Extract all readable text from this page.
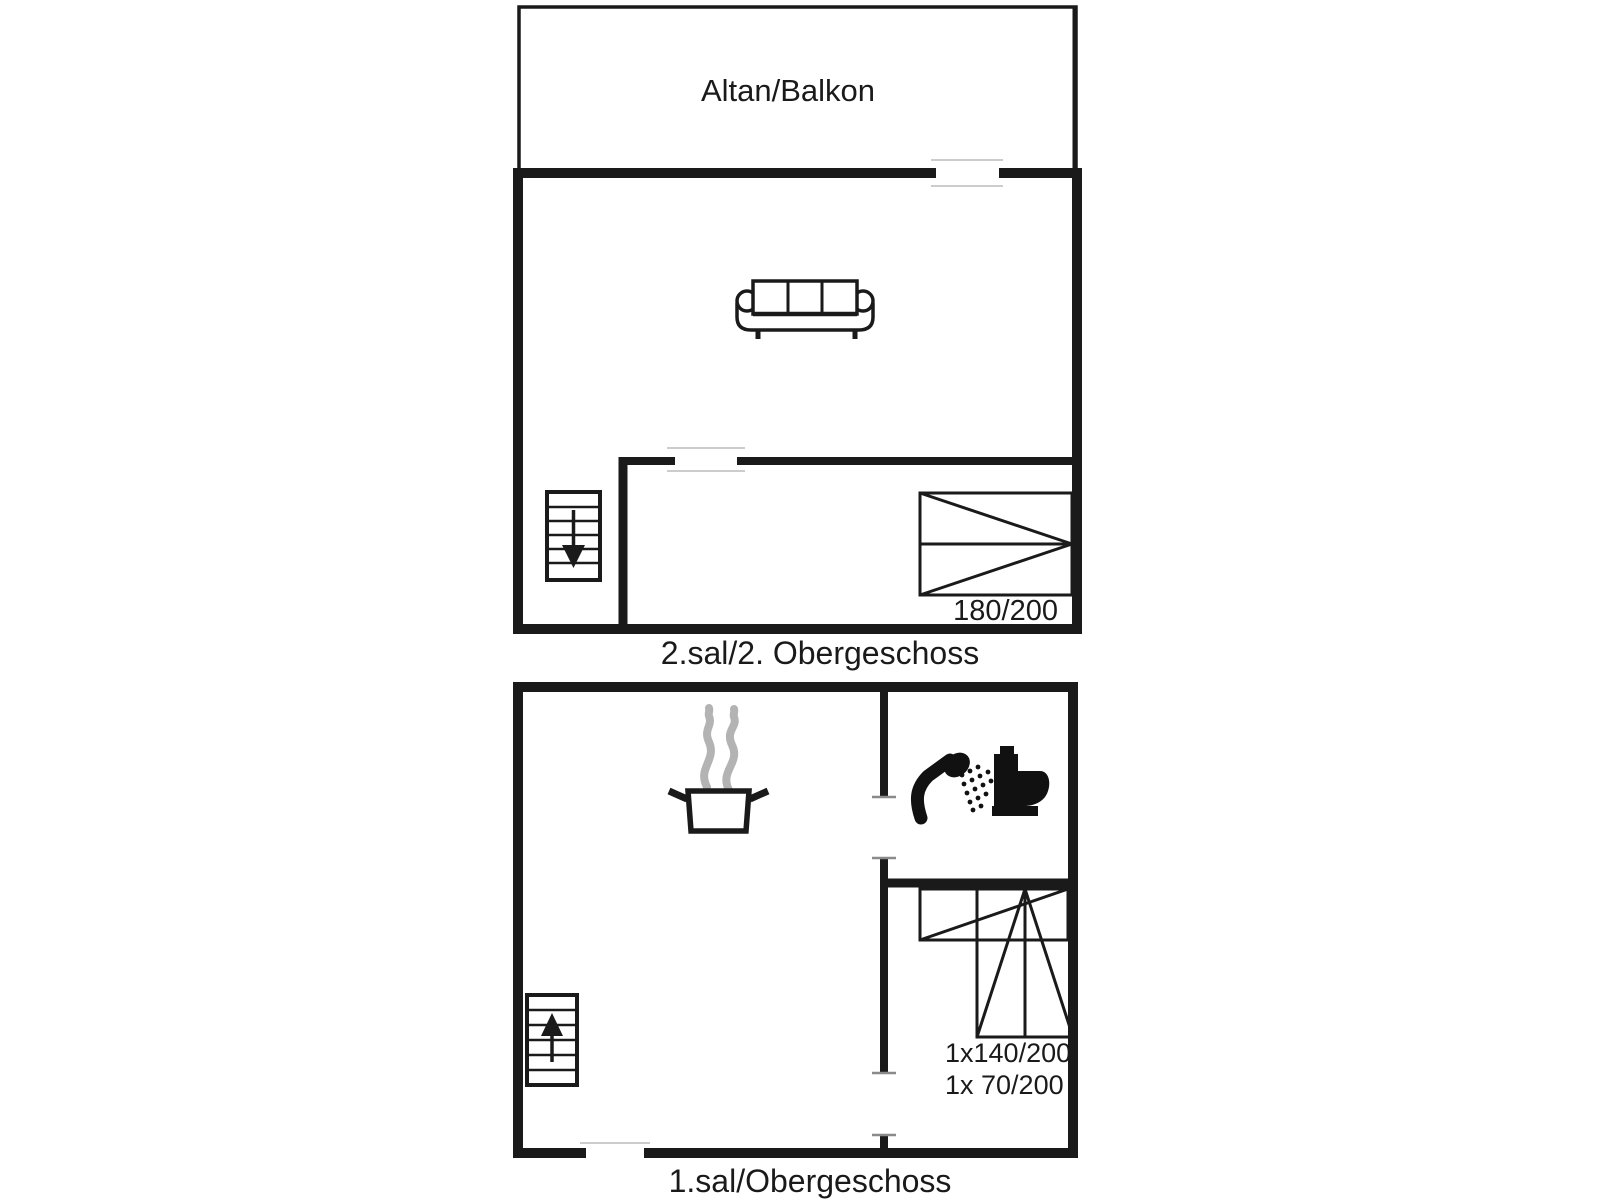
Altan/Balkon
180/200
2.sal/2. Obergeschoss
1x140/200
1x 70/200
1.sal/Obergeschoss
